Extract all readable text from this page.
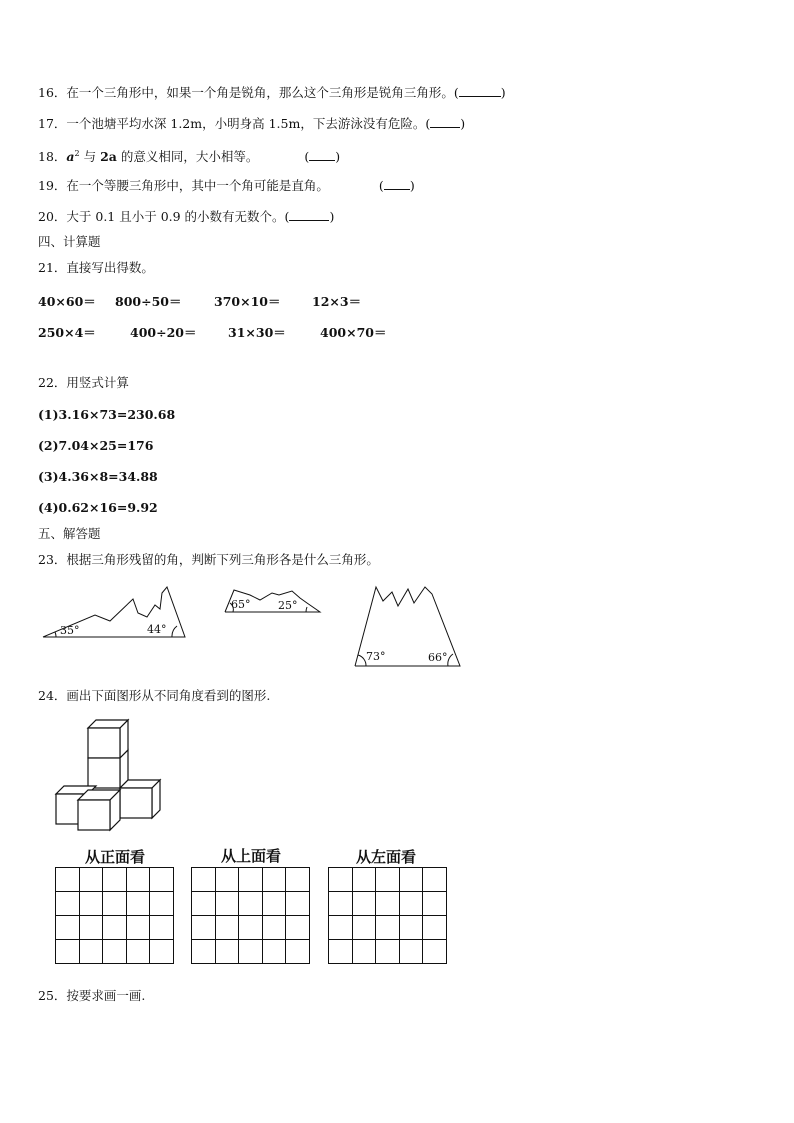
16．在一个三角形中，如果一个角是锐角，那么这个三角形是锐角三角形。(	)
17．一个池塘平均水深 1.2m，小明身高 1.5m，下去游泳没有危险。( )
18．$a^2$ 与 2a 的意义相同，大小相等。	( )
19．在一个等腰三角形中，其中一个角可能是直角。	( )
20．大于 0.1 且小于 0.9 的小数有无数个。(	)
四、计算题
21．直接写出得数。
40×60＝ 800÷50＝	370×10＝	12×3＝
250×4＝	400÷20＝	31×30＝	400×70＝
22．用竖式计算
(1)3.16×73=230.68
(2)7.04×25=176
(3)4.36×8=34.88
(4)0.62×16=9.92
五、解答题
23．根据三角形残留的角，判断下列三角形各是什么三角形。
35°	44°
65°	25°
73°	66°
24．画出下面图形从不同角度看到的图形.
从正面看	从上面看	从左面看

25．按要求画一画.
